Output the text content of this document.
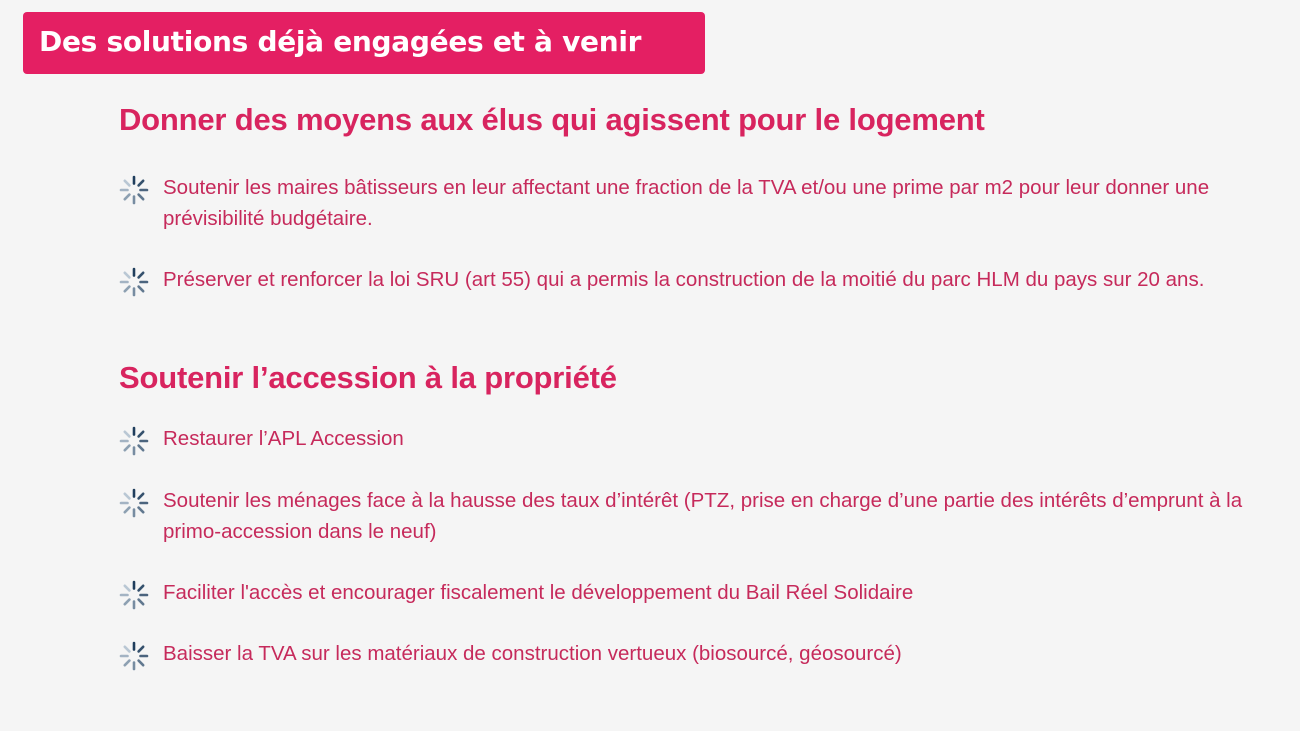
Des solutions déjà engagées et à venir
Donner des moyens aux élus qui agissent pour le logement
Soutenir les maires bâtisseurs en leur affectant une fraction de la TVA et/ou une prime par m2 pour leur donner une prévisibilité budgétaire.
Préserver et renforcer la loi SRU (art 55) qui a permis la construction de la moitié du parc HLM du pays sur 20 ans.
Soutenir l’accession à la propriété
Restaurer l’APL Accession
Soutenir les ménages face à la hausse des taux d’intérêt (PTZ, prise en charge d’une partie des intérêts d’emprunt à la primo-accession dans le neuf)
Faciliter l'accès et encourager fiscalement le développement du Bail Réel Solidaire
Baisser la TVA sur les matériaux de construction vertueux (biosourcé, géosourcé)
